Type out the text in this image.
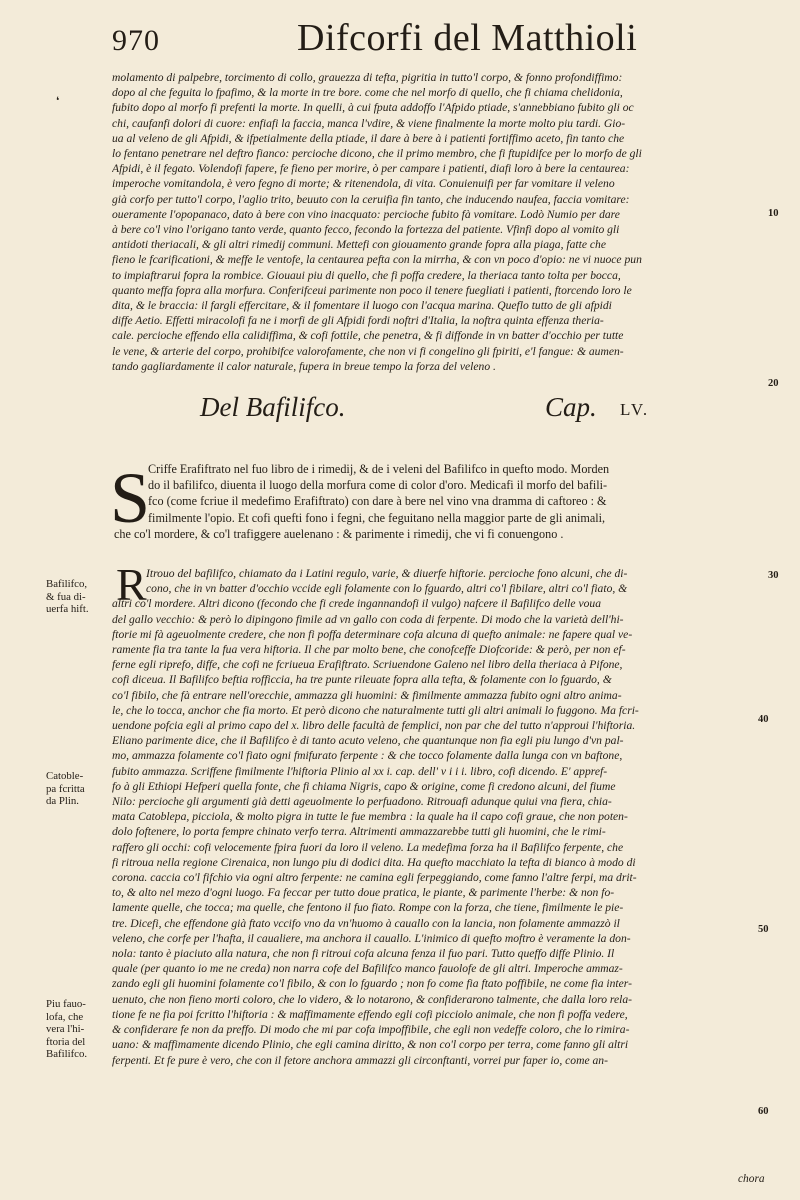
970	Difcorfi del Matthioli
❛
molamento di palpebre, torcimento di collo, grauezza di tefta, pigritia in tutto'l corpo, & fonno profondiffimo:
dopo al che feguita lo fpafimo, & la morte in tre bore. come che nel morfo di quello, che fi chiama chelidonia,
fubito dopo al morfo fi prefenti la morte. In quelli, à cui fputa addoffo l'Afpido ptiade, s'annebbiano fubito gli oc
chi, caufanfi dolori di cuore: enfiafi la faccia, manca l'vdire, & viene finalmente la morte molto piu tardi. Gio-
ua al veleno de gli Afpidi, & ifpetialmente della ptiade, il dare à bere à i patienti fortiffimo aceto, fin tanto che
lo fentano penetrare nel deftro fianco: percioche dicono, che il primo membro, che fi ftupidifce per lo morfo de gli
Afpidi, è il fegato. Volendofi fapere, fe fieno per morire, ò per campare i patienti, diafi loro à bere la centaurea:
imperoche vomitandola, è vero fegno di morte; & ritenendola, di vita. Conuienuifi per far vomitare il veleno
già corfo per tutto'l corpo, l'aglio trito, beuuto con la ceruifia fin tanto, che inducendo naufea, faccia vomitare:
oueramente l'opopanaco, dato à bere con vino inacquato: percioche fubito fà vomitare. Lodò Numio per dare
à bere co'l vino l'origano tanto verde, quanto fecco, fecondo la fortezza del patiente. Vfinfi dopo al vomito gli
antidoti theriacali, & gli altri rimedij communi. Mettefi con giouamento grande fopra alla piaga, fatte che
fieno le fcarificationi, & meffe le ventofe, la centaurea pefta con la mirrha, & con vn poco d'opio: ne vi nuoce pun
to impiaftrarui fopra la rombice. Giouaui piu di quello, che fi poffa credere, la theriaca tanto tolta per bocca,
quanto meffa fopra alla morfura. Conferifceui parimente non poco il tenere fuegliati i patienti, ftorcendo loro le
dita, & le braccia: il fargli effercitare, & il fomentare il luogo con l'acqua marina. Queflo tutto de gli afpidi
diffe Aetio. Effetti miracolofi fa ne i morfi de gli Afpidi fordi noftri d'Italia, la noftra quinta effenza theria-
cale. percioche effendo ella calidiffima, & cofi fottile, che penetra, & fi diffonde in vn batter d'occhio per tutte
le vene, & arterie del corpo, prohibifce valorofamente, che non vi fi congelino gli fpiriti, e'l fangue: & aumen-
tando gagliardamente il calor naturale, fupera in breue tempo la forza del veleno .
10
20
Del Bafilifco.	Cap. LV.
S
Criffe Erafiftrato nel fuo libro de i rimedij, & de i veleni del Bafilifco in quefto modo. Morden
do il bafilifco, diuenta il luogo della morfura come di color d'oro. Medicafi il morfo del bafili-
fco (come fcriue il medefimo Erafiftrato) con dare à bere nel vino vna dramma di caftoreo : &
fimilmente l'opio. Et cofi quefti fono i fegni, che feguitano nella maggior parte de gli animali,
che co'l mordere, & co'l trafiggere auelenano : & parimente i rimedij, che vi fi conuengono .
R Itrouo del bafilifco, chiamato da i Latini regulo, varie, & diuerfe hiftorie. percioche fono alcuni, che di-
cono, che in vn batter d'occhio vccide egli folamente con lo fguardo, altri co'l fibilare, altri co'l fiato, &
altri co'l mordere. Altri dicono (fecondo che fi crede ingannandofi il vulgo) nafcere il Bafilifco delle voua
del gallo vecchio: & però lo dipingono fimile ad vn gallo con coda di ferpente. Di modo che la varietà dell'hi-
ftorie mi fà ageuolmente credere, che non fi poffa determinare cofa alcuna di quefto animale: ne fapere qual ve-
ramente fia tra tante la fua vera hiftoria. Il che par molto bene, che conofceffe Diofcoride: & però, per non ef-
ferne egli riprefo, diffe, che cofi ne fcriueua Erafiftrato. Scriuendone Galeno nel libro della theriaca à Pifone,
cofi diceua. Il Bafilifco beftia rofficcia, ha tre punte rileuate fopra alla tefta, & folamente con lo fguardo, &
co'l fibilo, che fà entrare nell'orecchie, ammazza gli huomini: & fimilmente ammazza fubito ogni altro anima-
le, che lo tocca, anchor che fia morto. Et però dicono che naturalmente tutti gli altri animali lo fuggono. Ma fcri-
uendone pofcia egli al primo capo del x. libro delle facultà de femplici, non par che del tutto n'approui l'hiftoria.
Eliano parimente dice, che il Bafilifco è di tanto acuto veleno, che quantunque non fia egli piu lungo d'vn pal-
mo, ammazza folamente co'l fiato ogni fmifurato ferpente : & che tocco folamente dalla lunga con vn baftone,
fubito ammazza. Scriffene fimilmente l'hiftoria Plinio al xx i. cap. dell' v i i i. libro, cofi dicendo. E' appref-
fo à gli Ethiopi Hefperi quella fonte, che fi chiama Nigris, capo & origine, come fi credono alcuni, del fiume
Nilo: percioche gli argumenti già detti ageuolmente lo perfuadono. Ritrouafi adunque quiui vna fiera, chia-
mata Catoblepa, picciola, & molto pigra in tutte le fue membra : la quale ha il capo cofi graue, che non poten-
dolo foftenere, lo porta fempre chinato verfo terra. Altrimenti ammazzarebbe tutti gli huomini, che le rimi-
raffero gli occhi: cofi velocemente fpira fuori da loro il veleno. La medefima forza ha il Bafilifco ferpente, che
fi ritroua nella regione Cirenaica, non lungo piu di dodici dita. Ha quefto macchiato la tefta di bianco à modo di
corona. caccia co'l fifchio via ogni altro ferpente: ne camina egli ferpeggiando, come fanno l'altre ferpi, ma drit-
to, & alto nel mezo d'ogni luogo. Fa feccar per tutto doue pratica, le piante, & parimente l'herbe: & non fo-
lamente quelle, che tocca; ma quelle, che fentono il fuo fiato. Rompe con la forza, che tiene, fimilmente le pie-
tre. Dicefi, che effendone già ftato vccifo vno da vn'huomo à cauallo con la lancia, non folamente ammazzò il
veleno, che corfe per l'hafta, il caualiere, ma anchora il cauallo. L'inimico di quefto moftro è veramente la don-
nola: tanto è piaciuto alla natura, che non fi ritroui cofa alcuna fenza il fuo pari. Tutto queffo diffe Plinio. Il
quale (per quanto io me ne creda) non narra cofe del Bafilifco manco fauolofe de gli altri. Imperoche ammaz-
zando egli gli huomini folamente co'l fibilo, & con lo fguardo ; non fo come fia ftato poffibile, ne come fia inter-
uenuto, che non fieno morti coloro, che lo videro, & lo notarono, & confiderarono talmente, che dalla loro rela-
tione fe ne fia poi fcritto l'hiftoria : & maffimamente effendo egli cofi picciolo animale, che non fi poffa vedere,
& confiderare fe non da preffo. Di modo che mi par cofa impoffibile, che egli non vedeffe coloro, che lo rimira-
uano: & maffimamente dicendo Plinio, che egli camina diritto, & non co'l corpo per terra, come fanno gli altri
ferpenti. Et fe pure è vero, che con il fetore anchora ammazzi gli circonftanti, vorrei pur faper io, come an-
Bafilifco,
& fua di-
uerfa hift.
Catoble-
pa fcritta
da Plin.
Piu fauo-
lofa, che
vera l'hi-
ftoria del
Bafilifco.
30
40
50
60
chora
